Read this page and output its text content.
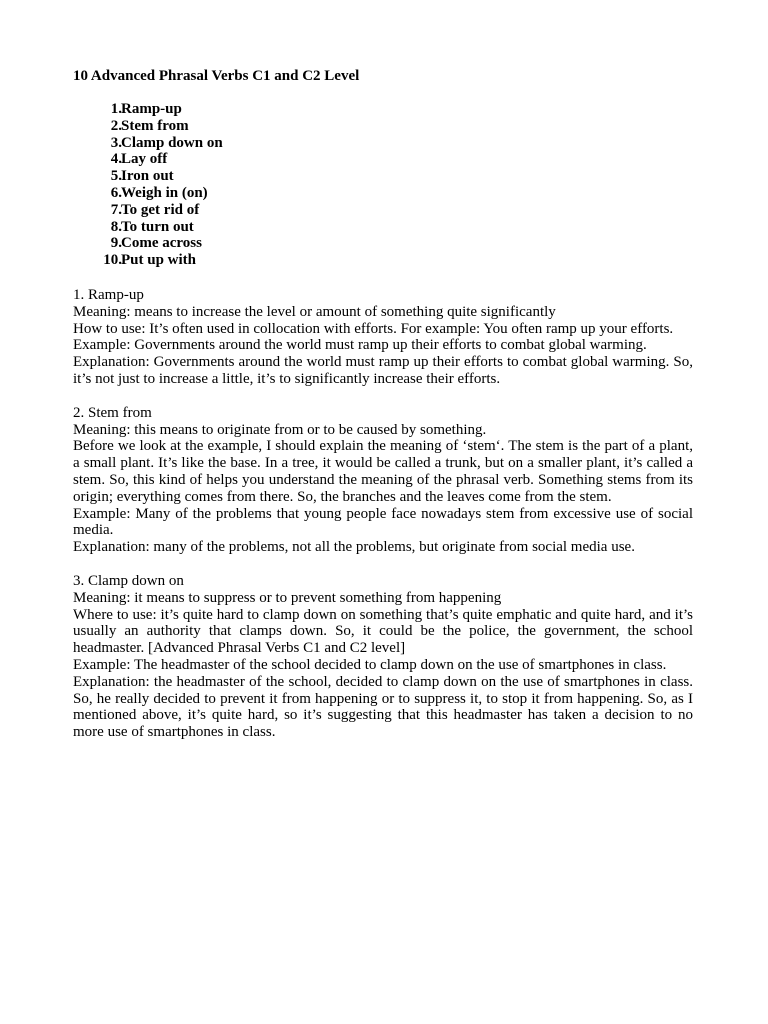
10 Advanced Phrasal Verbs C1 and C2 Level
1. Ramp-up
2. Stem from
3. Clamp down on
4. Lay off
5. Iron out
6. Weigh in (on)
7. To get rid of
8. To turn out
9. Come across
10. Put up with

1. Ramp-up

Meaning: means to increase the level or amount of something quite significantly

How to use: It’s often used in collocation with efforts. For example: You often ramp up your efforts.

Example: Governments around the world must ramp up their efforts to combat global warming.

Explanation: Governments around the world must ramp up their efforts to combat global warming. So, it’s not just to increase a little, it’s to significantly increase their efforts.

2. Stem from

Meaning: this means to originate from or to be caused by something.

Before we look at the example, I should explain the meaning of ‘stem‘. The stem is the part of a plant, a small plant. It’s like the base. In a tree, it would be called a trunk, but on a smaller plant, it’s called a stem. So, this kind of helps you understand the meaning of the phrasal verb. Something stems from its origin; everything comes from there. So, the branches and the leaves come from the stem.

Example: Many of the problems that young people face nowadays stem from excessive use of social media.

Explanation: many of the problems, not all the problems, but originate from social media use.

3. Clamp down on

Meaning: it means to suppress or to prevent something from happening

Where to use: it’s quite hard to clamp down on something that’s quite emphatic and quite hard, and it’s usually an authority that clamps down. So, it could be the police, the government, the school headmaster. [Advanced Phrasal Verbs C1 and C2 level]

Example: The headmaster of the school decided to clamp down on the use of smartphones in class.

Explanation: the headmaster of the school, decided to clamp down on the use of smartphones in class. So, he really decided to prevent it from happening or to suppress it, to stop it from happening. So, as I mentioned above, it’s quite hard, so it’s suggesting that this headmaster has taken a decision to no more use of smartphones in class.
